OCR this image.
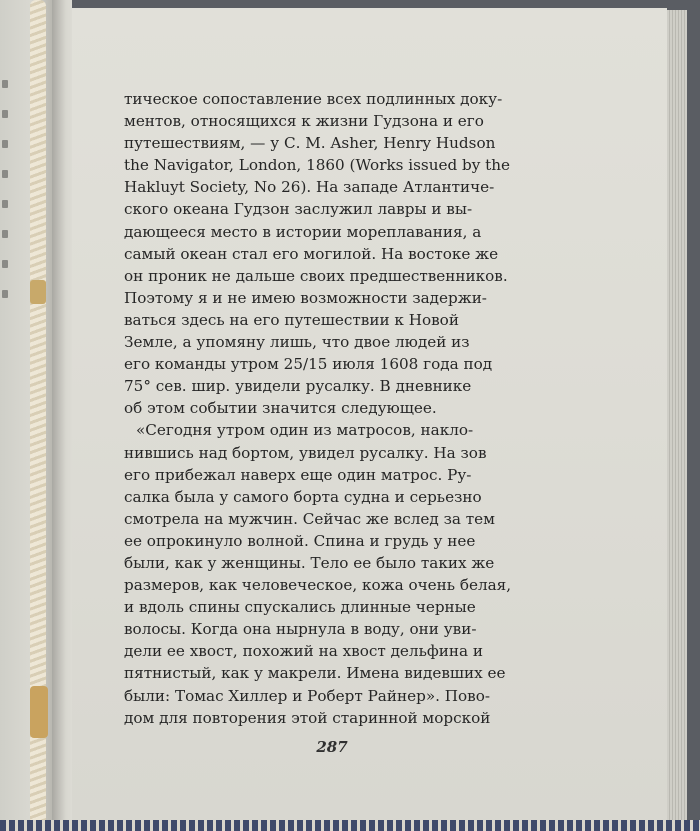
тическое сопоставление всех подлинных доку-
ментов, относящихся к жизни Гудзона и его
путешествиям, — у С. М. Asher, Henry Hudson
the Navigator, London, 1860 (Works issued by the
Hakluyt Society, No 26). На западе Атлантиче-
ского океана Гудзон заслужил лавры и вы-
дающееся место в истории мореплавания, а
самый океан стал его могилой. На востоке же
он проник не дальше своих предшественников.
Поэтому я и не имею возможности задержи-
ваться здесь на его путешествии к Новой
Земле, а упомяну лишь, что двое людей из
его команды утром 25/15 июля 1608 года под
75° сев. шир. увидели русалку. В дневнике
об этом событии значится следующее.
«Сегодня утром один из матросов, накло-
нившись над бортом, увидел русалку. На зов
его прибежал наверх еще один матрос. Ру-
салка была у самого борта судна и серьезно
смотрела на мужчин. Сейчас же вслед за тем
ее опрокинуло волной. Спина и грудь у нее
были, как у женщины. Тело ее было таких же
размеров, как человеческое, кожа очень белая,
и вдоль спины спускались длинные черные
волосы. Когда она нырнула в воду, они уви-
дели ее хвост, похожий на хвост дельфина и
пятнистый, как у макрели. Имена видевших ее
были: Томас Хиллер и Роберт Райнер». Пово-
дом для повторения этой старинной морской
287
